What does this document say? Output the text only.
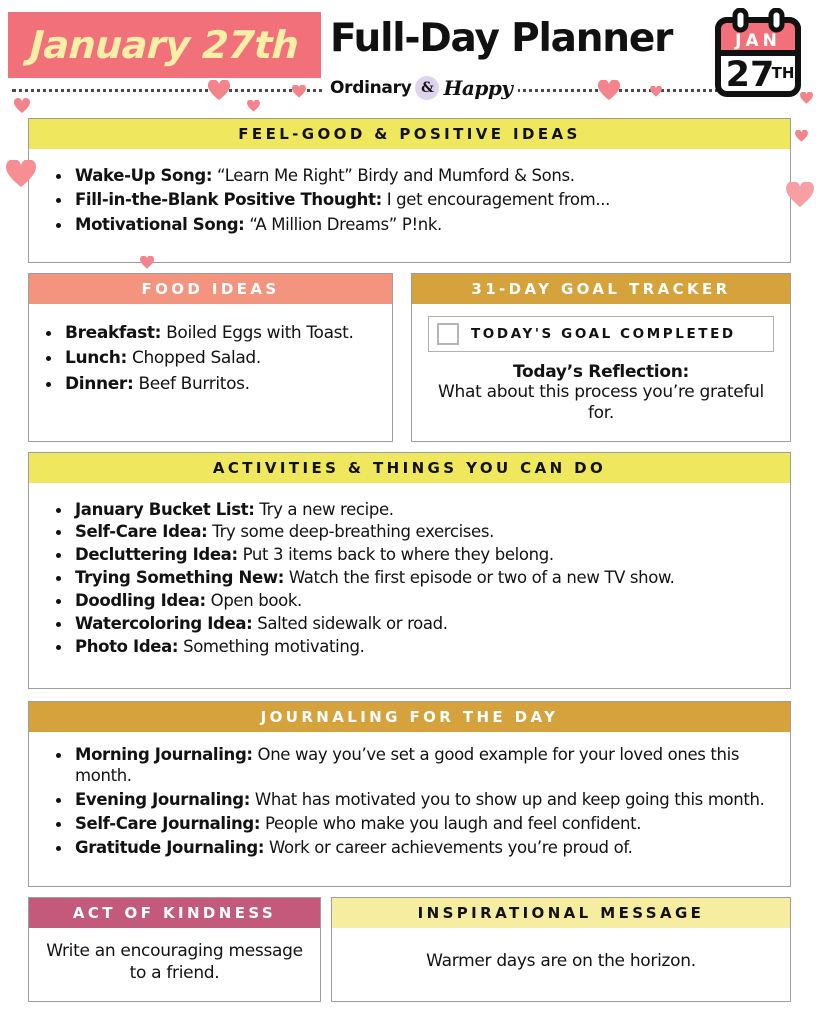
January 27th Full-Day Planner
Ordinary & Happy
JAN
27
TH
FEEL-GOOD & POSITIVE IDEAS
Wake-Up Song: “Learn Me Right” Birdy and Mumford & Sons.
Fill-in-the-Blank Positive Thought: I get encouragement from...
Motivational Song: “A Million Dreams” P!nk.
FOOD IDEAS
Breakfast: Boiled Eggs with Toast.
Lunch: Chopped Salad.
Dinner: Beef Burritos.
31-DAY GOAL TRACKER
TODAY'S GOAL COMPLETED
Today’s Reflection:
What about this process you’re grateful for.
ACTIVITIES & THINGS YOU CAN DO
January Bucket List: Try a new recipe.
Self-Care Idea: Try some deep-breathing exercises.
Decluttering Idea: Put 3 items back to where they belong.
Trying Something New: Watch the first episode or two of a new TV show.
Doodling Idea: Open book.
Watercoloring Idea: Salted sidewalk or road.
Photo Idea: Something motivating.
JOURNALING FOR THE DAY
Morning Journaling: One way you’ve set a good example for your loved ones this month.
Evening Journaling: What has motivated you to show up and keep going this month.
Self-Care Journaling: People who make you laugh and feel confident.
Gratitude Journaling: Work or career achievements you’re proud of.
ACT OF KINDNESS
Write an encouraging message to a friend.
INSPIRATIONAL MESSAGE
Warmer days are on the horizon.
